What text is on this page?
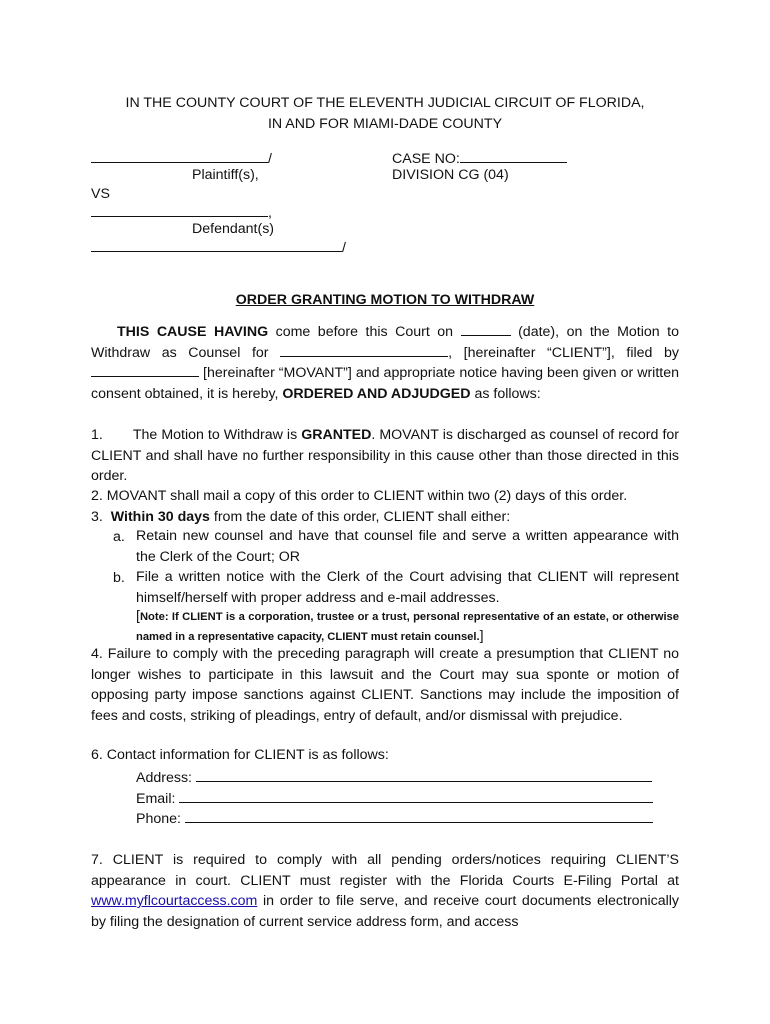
IN THE COUNTY COURT OF THE ELEVENTH JUDICIAL CIRCUIT OF FLORIDA,
IN AND FOR MIAMI-DADE COUNTY
/
Plaintiff(s),
VS
,
Defendant(s)
/
CASE NO:
DIVISION CG (04)
ORDER GRANTING MOTION TO WITHDRAW
THIS CAUSE HAVING come before this Court on	(date), on the Motion to Withdraw as Counsel for	, [hereinafter “CLIENT”], filed by  [hereinafter “MOVANT”] and appropriate notice having been given or written consent obtained, it is hereby, ORDERED AND ADJUDGED as follows:
1. The Motion to Withdraw is GRANTED. MOVANT is discharged as counsel of record for CLIENT and shall have no further responsibility in this cause other than those directed in this order.
2. MOVANT shall mail a copy of this order to CLIENT within two (2) days of this order.
3. Within 30 days from the date of this order, CLIENT shall either:
a. Retain new counsel and have that counsel file and serve a written appearance with the Clerk of the Court; OR
b. File a written notice with the Clerk of the Court advising that CLIENT will represent himself/herself with proper address and e-mail addresses.
[Note: If CLIENT is a corporation, trustee or a trust, personal representative of an estate, or otherwise named in a representative capacity, CLIENT must retain counsel.]
4. Failure to comply with the preceding paragraph will create a presumption that CLIENT no longer wishes to participate in this lawsuit and the Court may sua sponte or motion of opposing party impose sanctions against CLIENT. Sanctions may include the imposition of fees and costs, striking of pleadings, entry of default, and/or dismissal with prejudice.
6. Contact information for CLIENT is as follows:
Address:
Email:
Phone:
7. CLIENT is required to comply with all pending orders/notices requiring CLIENT’S appearance in court. CLIENT must register with the Florida Courts E-Filing Portal at www.myflcourtaccess.com in order to file serve, and receive court documents electronically by filing the designation of current service address form, and access
